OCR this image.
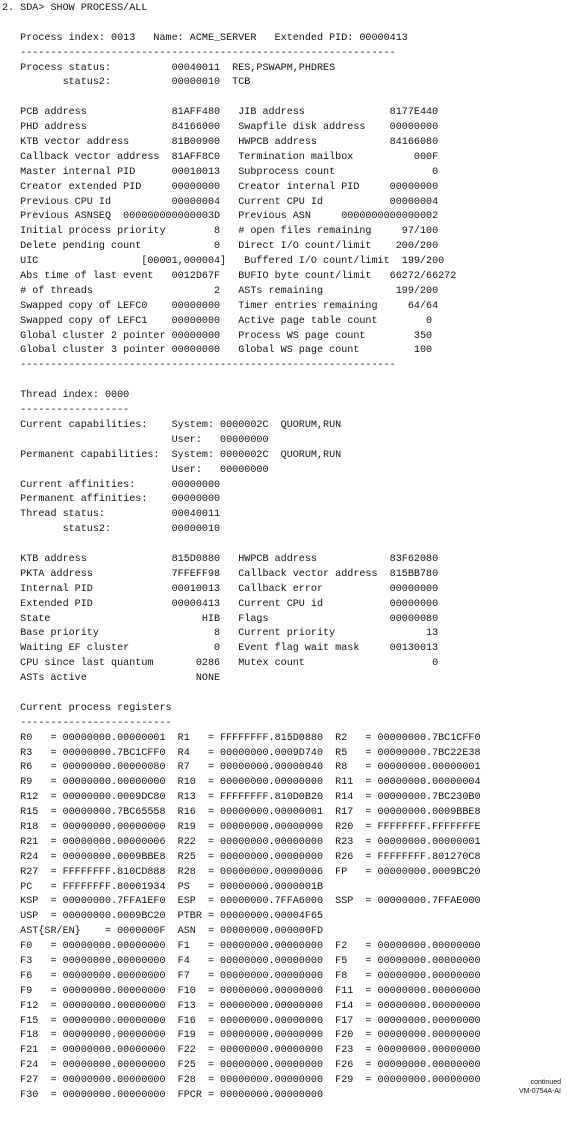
2. SDA> SHOW PROCESS/ALL
Process index: 0013   Name: ACME_SERVER   Extended PID: 00000413
--------------------------------------------------------------
Process status:          00040011  RES,PSWAPM,PHDRES
status2:          00000010  TCB
PCB address              81AFF480   JIB address              8177E440
PHD address              84166000   Swapfile disk address    00000000
KTB vector address       81B00900   HWPCB address            84166080
Callback vector address  81AFF8C0   Termination mailbox          000F
Master internal PID      00010013   Subprocess count                0
Creator extended PID     00000000   Creator internal PID     00000000
Previous CPU Id          00000004   Current CPU Id           00000004
Previous ASNSEQ  000000000000003D   Previous ASN     0000000000000002
Initial process priority        8   # open files remaining     97/100
Delete pending count            0   Direct I/O count/limit    200/200
UIC                 [00001,000004]   Buffered I/O count/limit  199/200
Abs time of last event   0012D67F   BUFIO byte count/limit   66272/66272
# of threads                    2   ASTs remaining            199/200
Swapped copy of LEFC0    00000000   Timer entries remaining     64/64
Swapped copy of LEFC1    00000000   Active page table count        0
Global cluster 2 pointer 00000000   Process WS page count        350
Global cluster 3 pointer 00000000   Global WS page count         100
--------------------------------------------------------------
Thread index: 0000
------------------
Current capabilities:    System: 0000002C  QUORUM,RUN
User:   00000000
Permanent capabilities:  System: 0000002C  QUORUM,RUN
User:   00000000
Current affinities:      00000000
Permanent affinities:    00000000
Thread status:           00040011
status2:          00000010
KTB address              815D0880   HWPCB address            83F62080
PKTA address             7FFEFF98   Callback vector address  815BB780
Internal PID             00010013   Callback error           00000000
Extended PID             00000413   Current CPU id           00000000
State                         HIB   Flags                    00000080
Base priority                   8   Current priority               13
Waiting EF cluster              0   Event flag wait mask     00130013
CPU since last quantum       0286   Mutex count                     0
ASTs active                  NONE
Current process registers
-------------------------
R0   = 00000000.00000001  R1   = FFFFFFFF.815D0880  R2   = 00000000.7BC1CFF0
R3   = 00000000.7BC1CFF0  R4   = 00000000.0009D740  R5   = 00000000.7BC22E38
R6   = 00000000.00000080  R7   = 00000000.00000040  R8   = 00000000.00000001
R9   = 00000000.00000000  R10  = 00000000.00000000  R11  = 00000000.00000004
R12  = 00000000.0009DC80  R13  = FFFFFFFF.810D0B20  R14  = 00000000.7BC230B0
R15  = 00000000.7BC65558  R16  = 00000000.00000001  R17  = 00000000.0009BBE8
R18  = 00000000.00000000  R19  = 00000000.00000000  R20  = FFFFFFFF.FFFFFFFE
R21  = 00000000.00000006  R22  = 00000000.00000000  R23  = 00000000.00000001
R24  = 00000000.0009BBE8  R25  = 00000000.00000000  R26  = FFFFFFFF.801270C8
R27  = FFFFFFFF.810CD888  R28  = 00000000.00000006  FP   = 00000000.0009BC20
PC   = FFFFFFFF.80001934  PS   = 00000000.0000001B
KSP  = 00000000.7FFA1EF0  ESP  = 00000000.7FFA6000  SSP  = 00000000.7FFAE000
USP  = 00000000.0009BC20  PTBR = 00000000.00004F65
AST{SR/EN}    = 0000000F  ASN  = 00000000.000000FD
F0   = 00000000.00000000  F1   = 00000000.00000000  F2   = 00000000.00000000
F3   = 00000000.00000000  F4   = 00000000.00000000  F5   = 00000000.00000000
F6   = 00000000.00000000  F7   = 00000000.00000000  F8   = 00000000.00000000
F9   = 00000000.00000000  F10  = 00000000.00000000  F11  = 00000000.00000000
F12  = 00000000.00000000  F13  = 00000000.00000000  F14  = 00000000.00000000
F15  = 00000000.00000000  F16  = 00000000.00000000  F17  = 00000000.00000000
F18  = 00000000.00000000  F19  = 00000000.00000000  F20  = 00000000.00000000
F21  = 00000000.00000000  F22  = 00000000.00000000  F23  = 00000000.00000000
F24  = 00000000.00000000  F25  = 00000000.00000000  F26  = 00000000.00000000
F27  = 00000000.00000000  F28  = 00000000.00000000  F29  = 00000000.00000000
F30  = 00000000.00000000  FPCR = 00000000.00000000
continued
VM-0754A-AI
